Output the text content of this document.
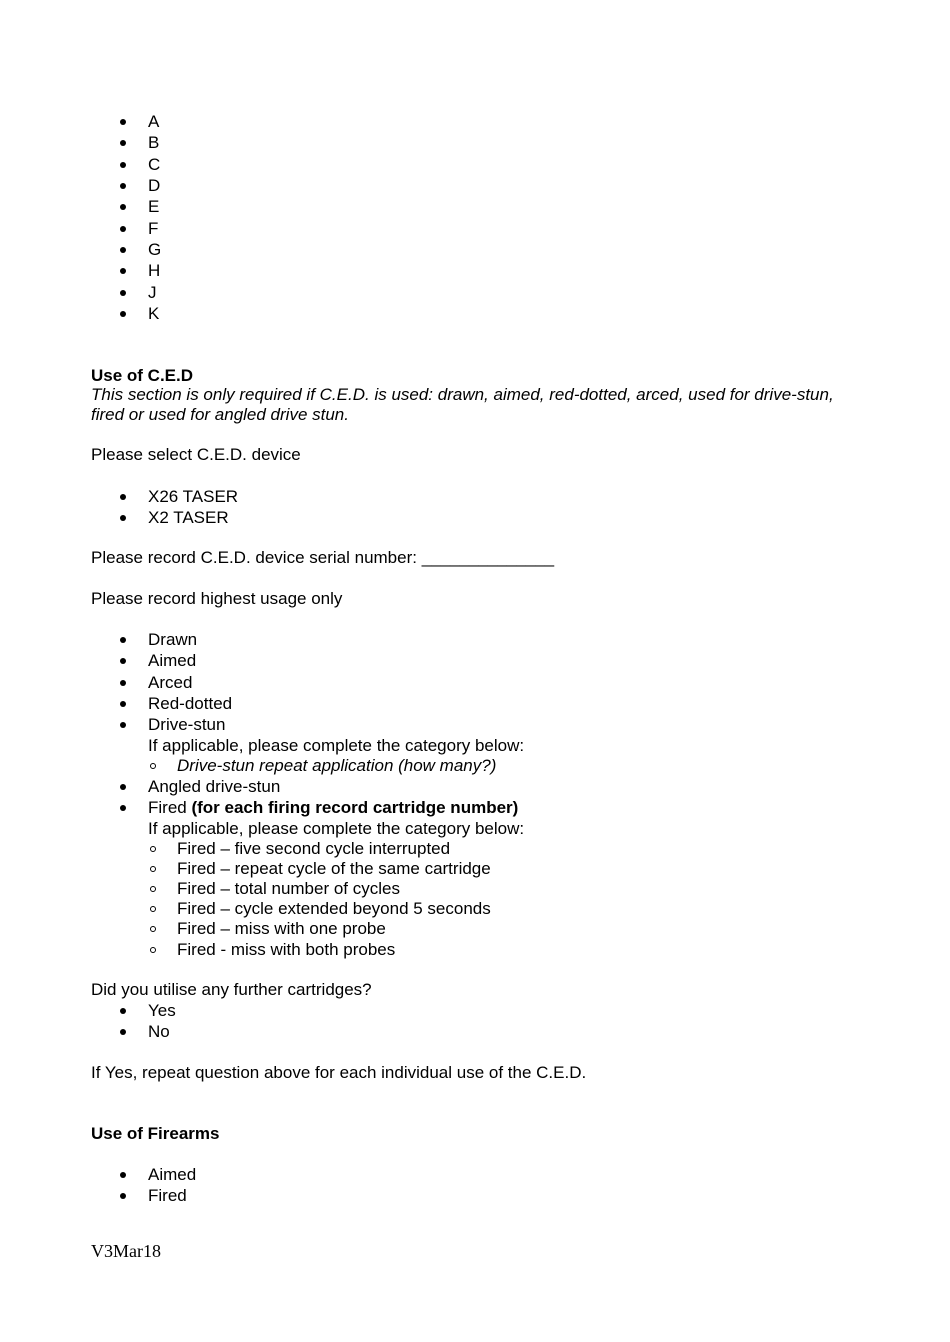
A
B
C
D
E
F
G
H
J
K
Use of C.E.D
This section is only required if C.E.D. is used: drawn, aimed, red-dotted, arced, used for drive-stun,
fired or used for angled drive stun.
Please select C.E.D. device
X26 TASER
X2 TASER
Please record C.E.D. device serial number: ______________
Please record highest usage only
Drawn
Aimed
Arced
Red-dotted
Drive-stun
If applicable, please complete the category below:
Drive-stun repeat application (how many?)
Angled drive-stun
Fired (for each firing record cartridge number)
If applicable, please complete the category below:
Fired – five second cycle interrupted
Fired – repeat cycle of the same cartridge
Fired – total number of cycles
Fired – cycle extended beyond 5 seconds
Fired – miss with one probe
Fired - miss with both probes
Did you utilise any further cartridges?
Yes
No
If Yes, repeat question above for each individual use of the C.E.D.
Use of Firearms
Aimed
Fired
V3Mar18
